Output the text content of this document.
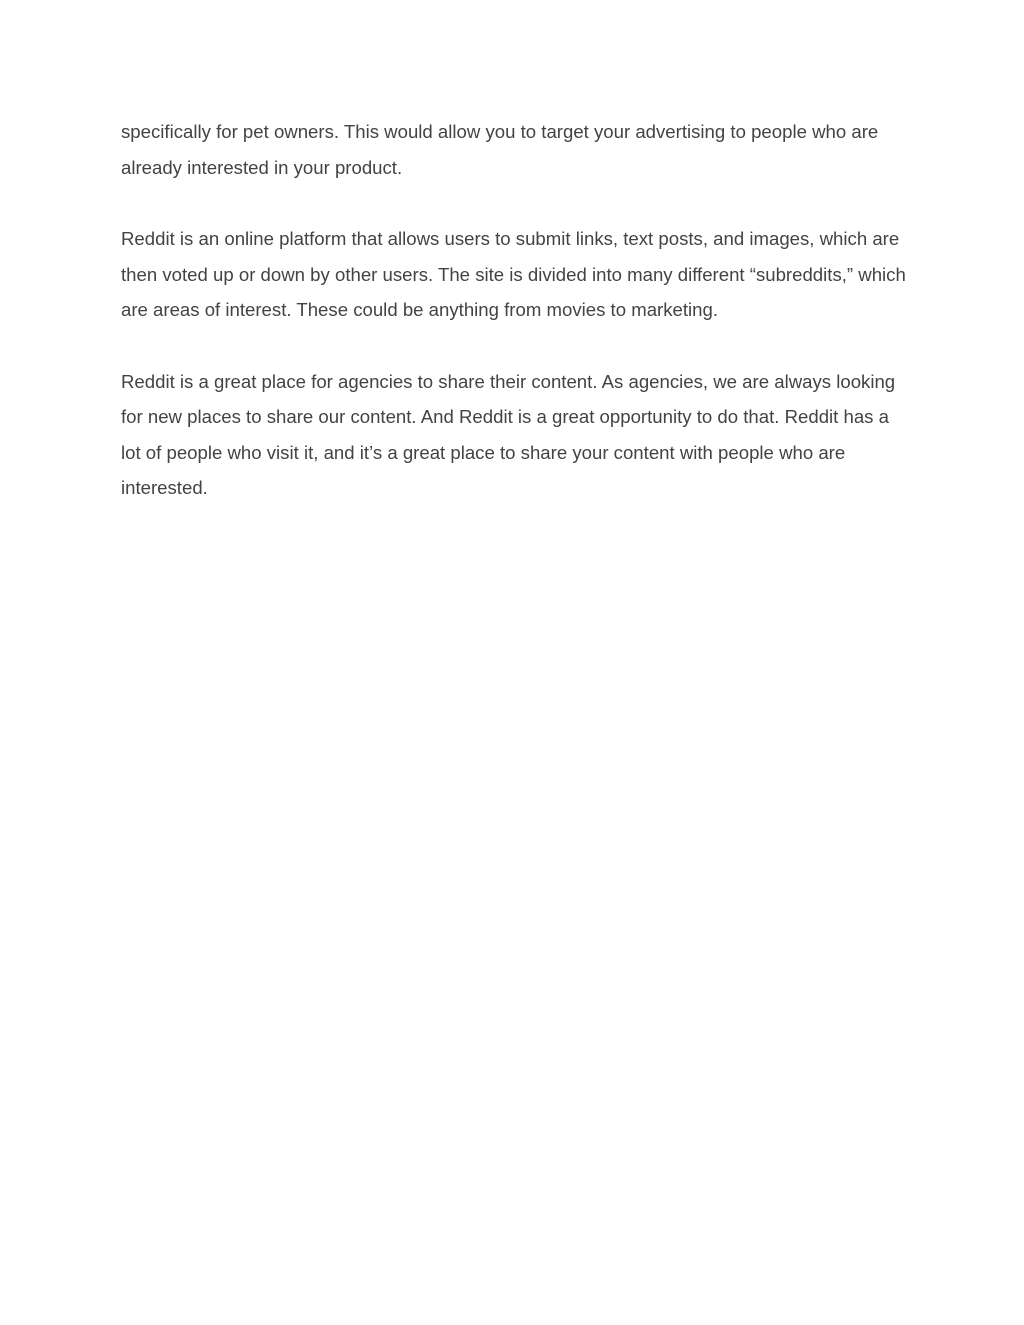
specifically for pet owners. This would allow you to target your advertising to people who are already interested in your product.

Reddit is an online platform that allows users to submit links, text posts, and images, which are then voted up or down by other users. The site is divided into many different “subreddits,” which are areas of interest. These could be anything from movies to marketing.

Reddit is a great place for agencies to share their content. As agencies, we are always looking for new places to share our content. And Reddit is a great opportunity to do that. Reddit has a lot of people who visit it, and it’s a great place to share your content with people who are interested.
